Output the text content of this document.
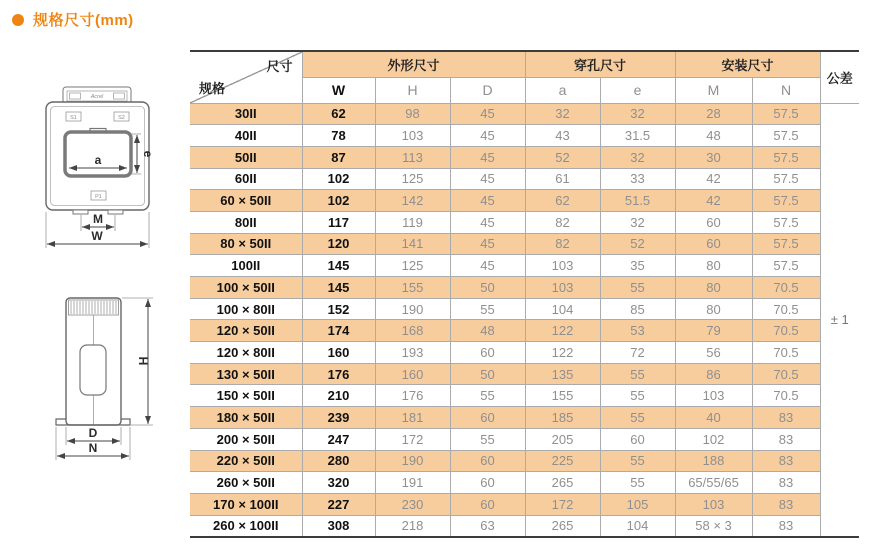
规格尺寸(mm)
Acrel
S1	S2
a	e
P1
M
W
H
D
N
尺寸
规格	外形尺寸			穿孔尺寸		安装尺寸		公差
	W	H	D	a	e	M	N	
30II	62	98	45	32	32	28	57.5	± 1
40II	78	103	45	43	31.5	48	57.5	
50II	87	113	45	52	32	30	57.5	
60II	102	125	45	61	33	42	57.5	
60 × 50II	102	142	45	62	51.5	42	57.5	
80II	117	119	45	82	32	60	57.5	
80 × 50II	120	141	45	82	52	60	57.5	
100II	145	125	45	103	35	80	57.5	
100 × 50II	145	155	50	103	55	80	70.5	
100 × 80II	152	190	55	104	85	80	70.5	
120 × 50II	174	168	48	122	53	79	70.5	
120 × 80II	160	193	60	122	72	56	70.5	
130 × 50II	176	160	50	135	55	86	70.5	
150 × 50II	210	176	55	155	55	103	70.5	
180 × 50II	239	181	60	185	55	40	83	
200 × 50II	247	172	55	205	60	102	83	
220 × 50II	280	190	60	225	55	188	83	
260 × 50II	320	191	60	265	55	65/55/65	83	
170 × 100II	227	230	60	172	105	103	83	
260 × 100II	308	218	63	265	104	58 × 3	83	
